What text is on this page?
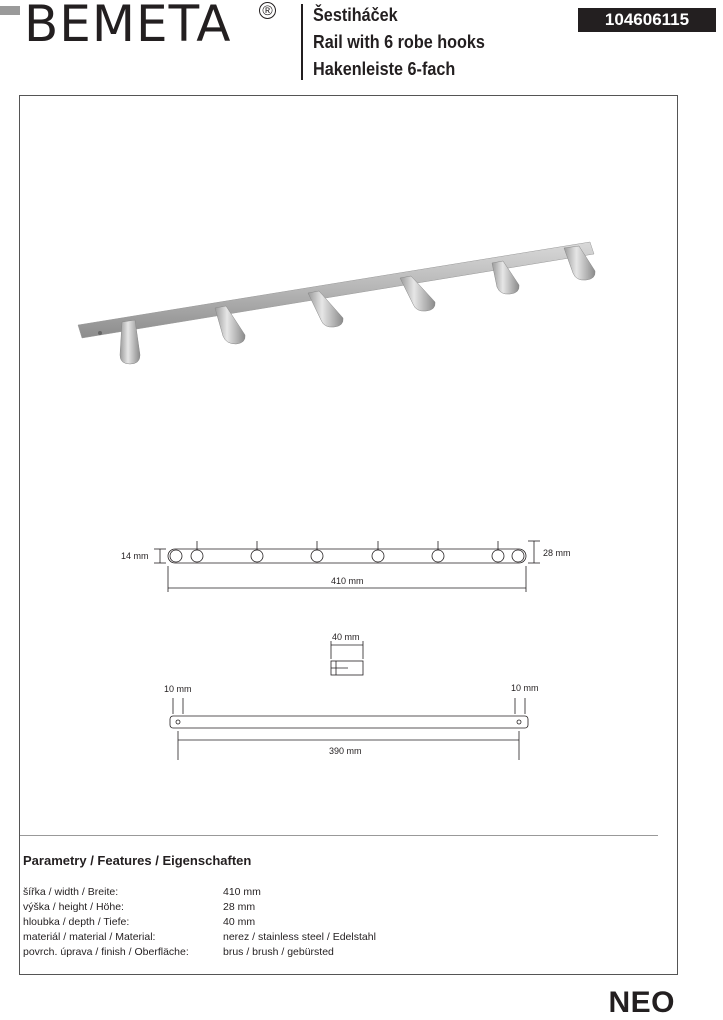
BEMETA ® Šestiháček
Rail with 6 robe hooks
Hakenleiste 6-fach
104606115
14 mm	28 mm
410 mm
40 mm
10 mm	10 mm
390 mm
Parametry / Features / Eigenschaften
šířka / width / Breite:	410 mm
výška / height / Höhe:	28 mm
hloubka / depth / Tiefe:	40 mm
materiál / material / Material:	nerez / stainless steel / Edelstahl
povrch. úprava / finish / Oberfläche:	brus / brush / gebürsted
NEO
